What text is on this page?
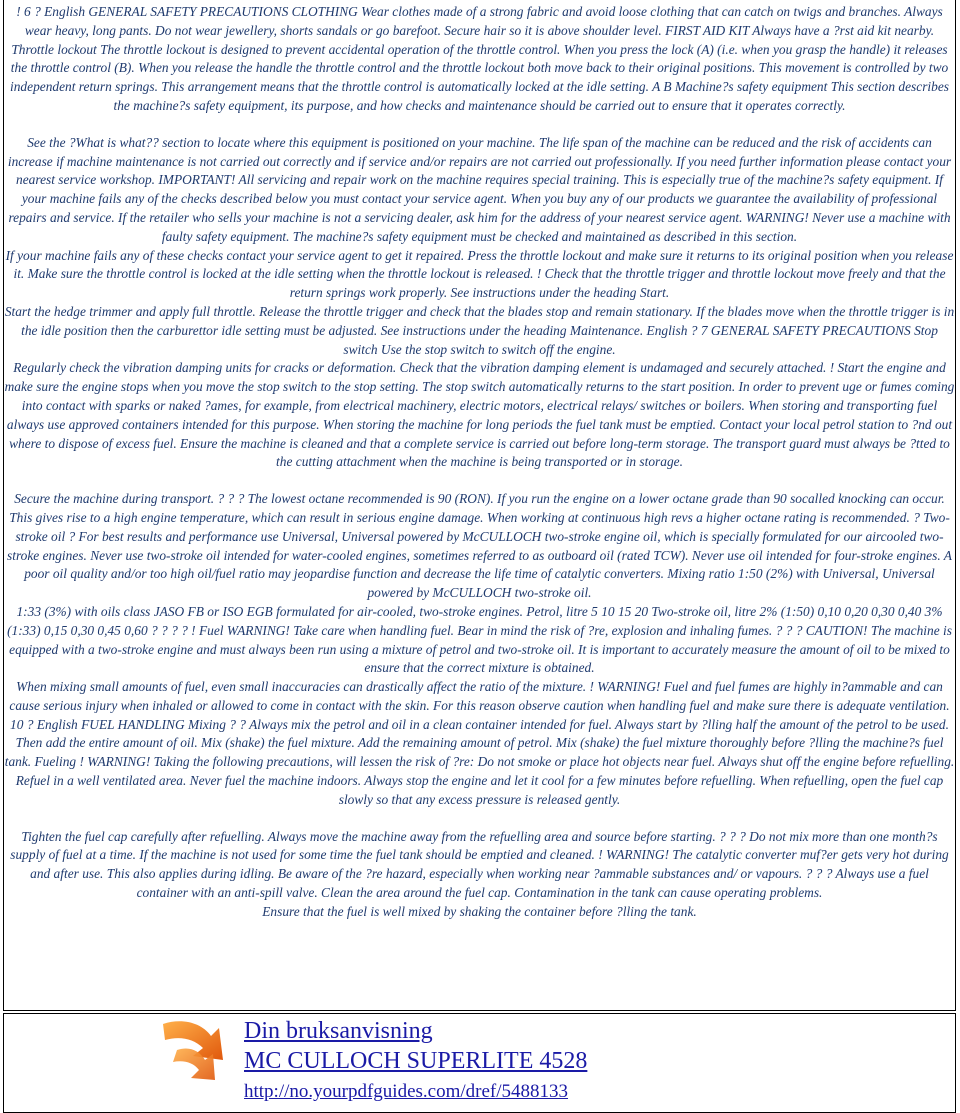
! 6 ? English GENERAL SAFETY PRECAUTIONS CLOTHING Wear clothes made of a strong fabric and avoid loose clothing that can catch on twigs and branches. Always wear heavy, long pants. Do not wear jewellery, shorts sandals or go barefoot. Secure hair so it is above shoulder level. FIRST AID KIT Always have a ?rst aid kit nearby. Throttle lockout The throttle lockout is designed to prevent accidental operation of the throttle control. When you press the lock (A) (i.e. when you grasp the handle) it releases the throttle control (B). When you release the handle the throttle control and the throttle lockout both move back to their original positions. This movement is controlled by two independent return springs. This arrangement means that the throttle control is automatically locked at the idle setting. A B Machine?s safety equipment This section describes the machine?s safety equipment, its purpose, and how checks and maintenance should be carried out to ensure that it operates correctly.

See the ?What is what?? section to locate where this equipment is positioned on your machine. The life span of the machine can be reduced and the risk of accidents can increase if machine maintenance is not carried out correctly and if service and/or repairs are not carried out professionally. If you need further information please contact your nearest service workshop. IMPORTANT! All servicing and repair work on the machine requires special training. This is especially true of the machine?s safety equipment. If your machine fails any of the checks described below you must contact your service agent. When you buy any of our products we guarantee the availability of professional repairs and service. If the retailer who sells your machine is not a servicing dealer, ask him for the address of your nearest service agent. WARNING! Never use a machine with faulty safety equipment. The machine?s safety equipment must be checked and maintained as described in this section.

If your machine fails any of these checks contact your service agent to get it repaired. Press the throttle lockout and make sure it returns to its original position when you release it. Make sure the throttle control is locked at the idle setting when the throttle lockout is released. ! Check that the throttle trigger and throttle lockout move freely and that the return springs work properly. See instructions under the heading Start.

Start the hedge trimmer and apply full throttle. Release the throttle trigger and check that the blades stop and remain stationary. If the blades move when the throttle trigger is in the idle position then the carburettor idle setting must be adjusted. See instructions under the heading Maintenance. English ? 7 GENERAL SAFETY PRECAUTIONS Stop switch Use the stop switch to switch off the engine.

Regularly check the vibration damping units for cracks or deformation. Check that the vibration damping element is undamaged and securely attached. ! Start the engine and make sure the engine stops when you move the stop switch to the stop setting. The stop switch automatically returns to the start position. In order to prevent uge or fumes coming into contact with sparks or naked ?ames, for example, from electrical machinery, electric motors, electrical relays/ switches or boilers. When storing and transporting fuel always use approved containers intended for this purpose. When storing the machine for long periods the fuel tank must be emptied. Contact your local petrol station to ?nd out where to dispose of excess fuel. Ensure the machine is cleaned and that a complete service is carried out before long-term storage. The transport guard must always be ?tted to the cutting attachment when the machine is being transported or in storage.

Secure the machine during transport. ? ? ? The lowest octane recommended is 90 (RON). If you run the engine on a lower octane grade than 90 socalled knocking can occur. This gives rise to a high engine temperature, which can result in serious engine damage. When working at continuous high revs a higher octane rating is recommended. ? Two-stroke oil ? For best results and performance use Universal, Universal powered by McCULLOCH two-stroke engine oil, which is specially formulated for our aircooled two-stroke engines. Never use two-stroke oil intended for water-cooled engines, sometimes referred to as outboard oil (rated TCW). Never use oil intended for four-stroke engines. A poor oil quality and/or too high oil/fuel ratio may jeopardise function and decrease the life time of catalytic converters. Mixing ratio 1:50 (2%) with Universal, Universal powered by McCULLOCH two-stroke oil.

1:33 (3%) with oils class JASO FB or ISO EGB formulated for air-cooled, two-stroke engines. Petrol, litre 5 10 15 20 Two-stroke oil, litre 2% (1:50) 0,10 0,20 0,30 0,40 3% (1:33) 0,15 0,30 0,45 0,60 ? ? ? ? ! Fuel WARNING! Take care when handling fuel. Bear in mind the risk of ?re, explosion and inhaling fumes. ? ? ? CAUTION! The machine is equipped with a two-stroke engine and must always been run using a mixture of petrol and two-stroke oil. It is important to accurately measure the amount of oil to be mixed to ensure that the correct mixture is obtained.

When mixing small amounts of fuel, even small inaccuracies can drastically affect the ratio of the mixture. ! WARNING! Fuel and fuel fumes are highly in?ammable and can cause serious injury when inhaled or allowed to come in contact with the skin. For this reason observe caution when handling fuel and make sure there is adequate ventilation. 10 ? English FUEL HANDLING Mixing ? ? Always mix the petrol and oil in a clean container intended for fuel. Always start by ?lling half the amount of the petrol to be used.

Then add the entire amount of oil. Mix (shake) the fuel mixture. Add the remaining amount of petrol. Mix (shake) the fuel mixture thoroughly before ?lling the machine?s fuel tank. Fueling ! WARNING! Taking the following precautions, will lessen the risk of ?re: Do not smoke or place hot objects near fuel. Always shut off the engine before refuelling. Refuel in a well ventilated area. Never fuel the machine indoors. Always stop the engine and let it cool for a few minutes before refuelling. When refuelling, open the fuel cap slowly so that any excess pressure is released gently.

Tighten the fuel cap carefully after refuelling. Always move the machine away from the refuelling area and source before starting. ? ? ? Do not mix more than one month?s supply of fuel at a time. If the machine is not used for some time the fuel tank should be emptied and cleaned. ! WARNING! The catalytic converter muf?er gets very hot during and after use. This also applies during idling. Be aware of the ?re hazard, especially when working near ?ammable substances and/ or vapours. ? ? ? Always use a fuel container with an anti-spill valve. Clean the area around the fuel cap. Contamination in the tank can cause operating problems.

Ensure that the fuel is well mixed by shaking the container before ?lling the tank.

Din bruksanvisning
MC CULLOCH SUPERLITE 4528
http://no.yourpdfguides.com/dref/5488133
